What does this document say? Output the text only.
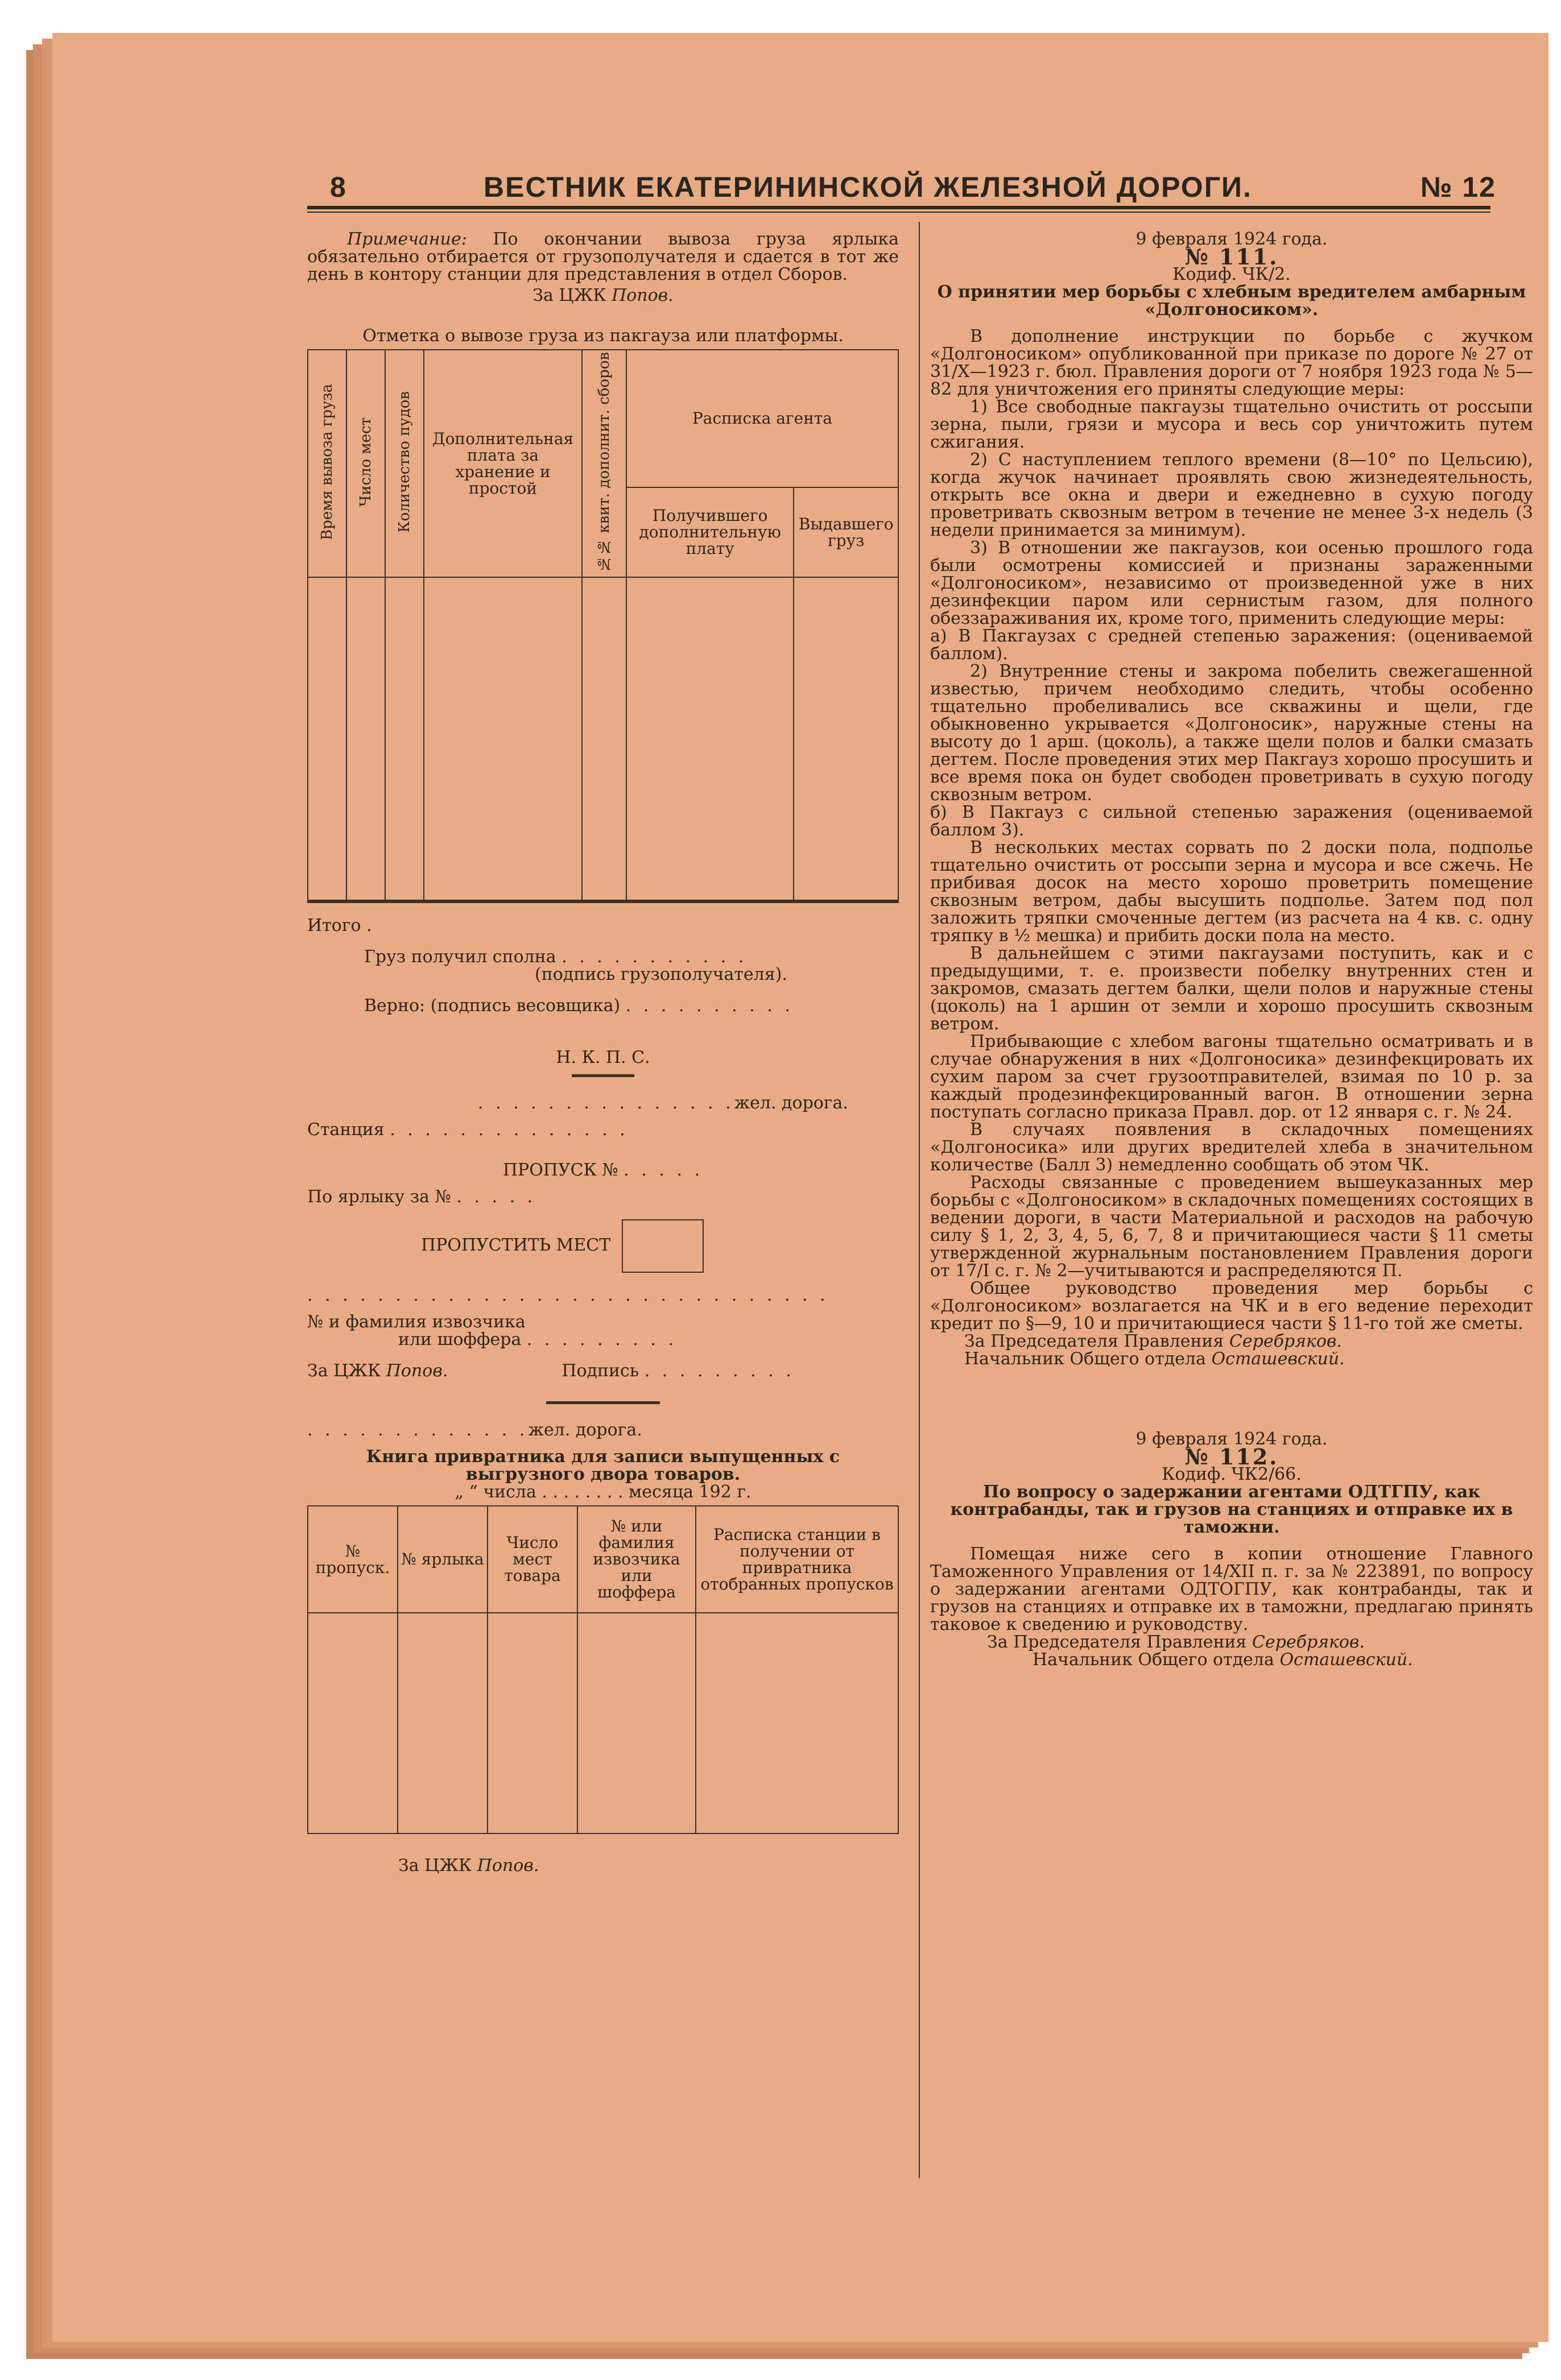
8	ВЕСТНИК ЕКАТЕРИНИНСКОЙ ЖЕЛЕЗНОЙ ДОРОГИ.	№ 12

Примечание: По окончании вывоза груза ярлыка обязательно отбирается от грузополучателя и сдается в тот же день в контору станции для представления в отдел Сборов.

За ЦЖК Попов.

Отметка о вывозе груза из пакгауза или платформы.

Время вывоза груза	Число мест	Количество пудов	Дополнительная плата за хранение и простой	№№ квит. дополнит. сборов	Расписка агента	
					Получившего дополнительную плату	Выдавшего груз

Итого .

Груз получил сполна . . . . . . . . . . .

(подпись грузополучателя).

Верно: (подпись весовщика) . . . . . . . . . .

Н. К. П. С.

. . . . . . . . . . . . . . .жел. дорога.

Станция . . . . . . . . . . . . . .

ПРОПУСК № . . . . .

По ярлыку за № . . . . .

ПРОПУСТИТЬ МЕСТ

. . . . . . . . . . . . . . . . . . . . . . . . . . . . . .

№ и фамилия извозчика

или шоффера . . . . . . . . .

За ЦЖК Попов.	Подпись . . . . . . . . .

. . . . . . . . . . . . .жел. дорога.

Книга привратника для записи выпущенных с выгрузного двора товаров.

„ “ числа . . . . . . . . месяца 192 г.

№ пропуск.	№ ярлыка	Число мест товара	№ или фамилия извозчика или шоффера	Расписка станции в получении от привратника отобранных пропусков

За ЦЖК Попов.

9 февраля 1924 года.

№ 111.

Кодиф. ЧК/2.

О принятии мер борьбы с хлебным вредителем амбарным «Долгоносиком».

В дополнение инструкции по борьбе с жучком «Долгоносиком» опубликованной при приказе по дороге № 27 от 31/X—1923 г. бюл. Правления дороги от 7 ноября 1923 года № 5—82 для уничтожения его приняты следующие меры:

1) Все свободные пакгаузы тщательно очистить от россыпи зерна, пыли, грязи и мусора и весь сор уничтожить путем сжигания.

2) С наступлением теплого времени (8—10° по Цельсию), когда жучок начинает проявлять свою жизнедеятельность, открыть все окна и двери и ежедневно в сухую погоду проветривать сквозным ветром в течение не менее 3-х недель (3 недели принимается за минимум).

3) В отношении же пакгаузов, кои осенью прошлого года были осмотрены комиссией и признаны зараженными «Долгоносиком», независимо от произведенной уже в них дезинфекции паром или сернистым газом, для полного обеззараживания их, кроме того, применить следующие меры:

а) В Пакгаузах с средней степенью заражения: (оцениваемой баллом).

2) Внутренние стены и закрома побелить свежегашенной известью, причем необходимо следить, чтобы особенно тщательно пробеливались все скважины и щели, где обыкновенно укрывается «Долгоносик», наружные стены на высоту до 1 арш. (цоколь), а также щели полов и балки смазать дегтем. После проведения этих мер Пакгауз хорошо просушить и все время пока он будет свободен проветривать в сухую погоду сквозным ветром.

б) В Пакгауз с сильной степенью заражения (оцениваемой баллом 3).

В нескольких местах сорвать по 2 доски пола, подполье тщательно очистить от россыпи зерна и мусора и все сжечь. Не прибивая досок на место хорошо проветрить помещение сквозным ветром, дабы высушить подполье. Затем под пол заложить тряпки смоченные дегтем (из расчета на 4 кв. с. одну тряпку в ½ мешка) и прибить доски пола на место.

В дальнейшем с этими пакгаузами поступить, как и с предыдущими, т. е. произвести побелку внутренних стен и закромов, смазать дегтем балки, щели полов и наружные стены (цоколь) на 1 аршин от земли и хорошо просушить сквозным ветром.

Прибывающие с хлебом вагоны тщательно осматривать и в случае обнаружения в них «Долгоносика» дезинфекцировать их сухим паром за счет грузоотправителей, взимая по 10 р. за каждый продезинфекцированный вагон. В отношении зерна поступать согласно приказа Правл. дор. от 12 января с. г. № 24.

В случаях появления в складочных помещениях «Долгоносика» или других вредителей хлеба в значительном количестве (Балл 3) немедленно сообщать об этом ЧК.

Расходы связанные с проведением вышеуказанных мер борьбы с «Долгоносиком» в складочных помещениях состоящих в ведении дороги, в части Материальной и расходов на рабочую силу § 1, 2, 3, 4, 5, 6, 7, 8 и причитающиеся части § 11 сметы утвержденной журнальным постановлением Правления дороги от 17/I с. г. № 2—учитываются и распределяются П.

Общее руководство проведения мер борьбы с «Долгоносиком» возлагается на ЧК и в его ведение переходит кредит по §—9, 10 и причитающиеся части § 11-го той же сметы.

За Председателя Правления Серебряков.

Начальник Общего отдела Осташевский.

9 февраля 1924 года.

№ 112.

Кодиф. ЧК2/66.

По вопросу о задержании агентами ОДТГПУ, как контрабанды, так и грузов на станциях и отправке их в таможни.

Помещая ниже сего в копии отношение Главного Таможенного Управления от 14/XII п. г. за № 223891, по вопросу о задержании агентами ОДТОГПУ, как контрабанды, так и грузов на станциях и отправке их в таможни, предлагаю принять таковое к сведению и руководству.

За Председателя Правления Серебряков.

Начальник Общего отдела Осташевский.
